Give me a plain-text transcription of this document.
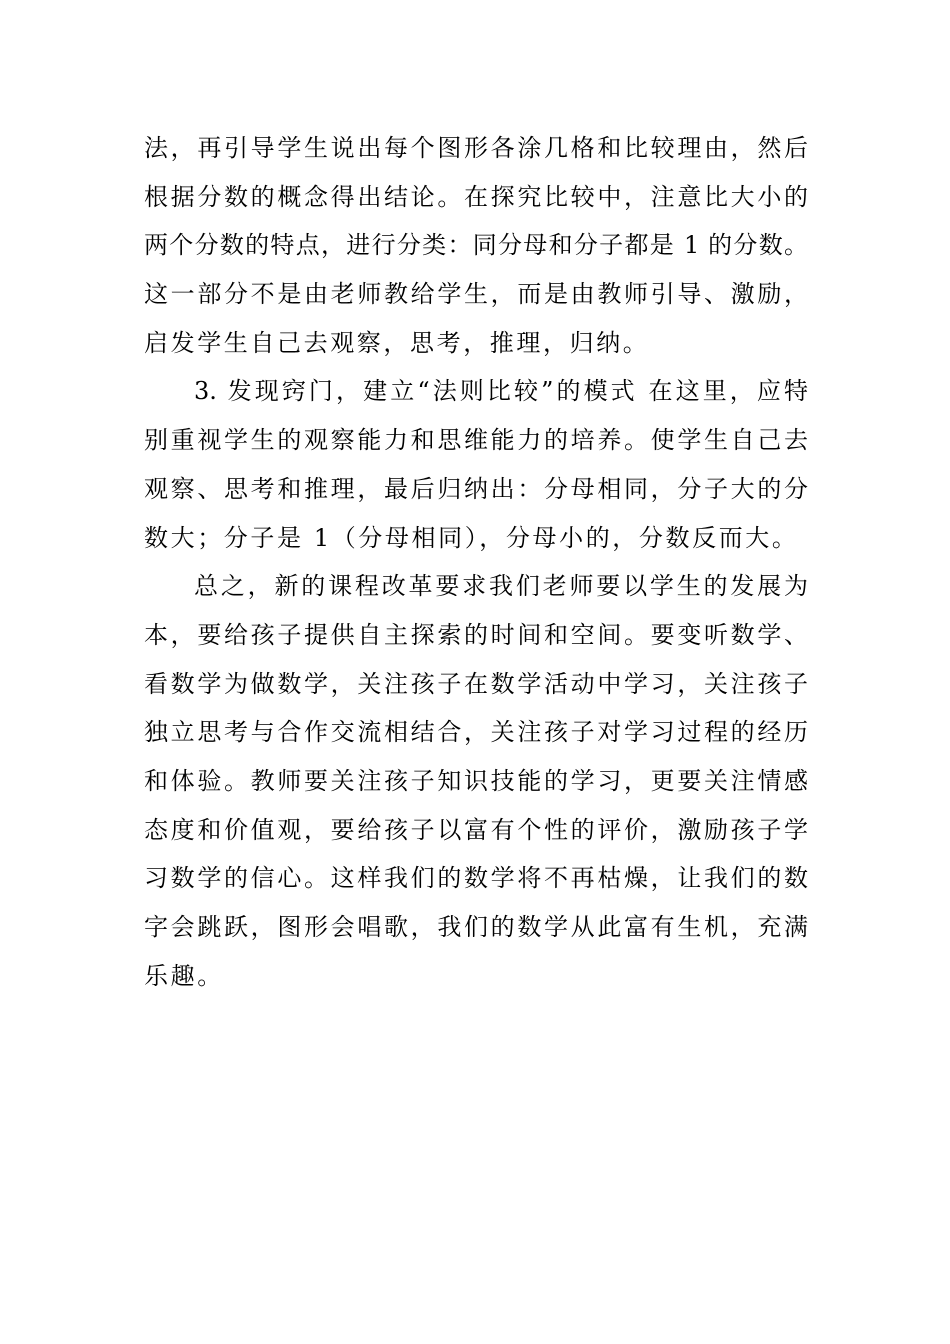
法，再引导学生说出每个图形各涂几格和比较理由，然后
根据分数的概念得出结论。在探究比较中，注意比大小的
两个分数的特点，进行分类：同分母和分子都是 1 的分数。
这一部分不是由老师教给学生，而是由教师引导、激励，
启发学生自己去观察，思考，推理，归纳。
3. 发现窍门，建立“法则比较”的模式 在这里，应特
别重视学生的观察能力和思维能力的培养。使学生自己去
观察、思考和推理，最后归纳出：分母相同，分子大的分
数大；分子是 1（分母相同），分母小的，分数反而大。
总之，新的课程改革要求我们老师要以学生的发展为
本，要给孩子提供自主探索的时间和空间。要变听数学、
看数学为做数学，关注孩子在数学活动中学习，关注孩子
独立思考与合作交流相结合，关注孩子对学习过程的经历
和体验。教师要关注孩子知识技能的学习，更要关注情感
态度和价值观，要给孩子以富有个性的评价，激励孩子学
习数学的信心。这样我们的数学将不再枯燥，让我们的数
字会跳跃，图形会唱歌，我们的数学从此富有生机，充满
乐趣。
